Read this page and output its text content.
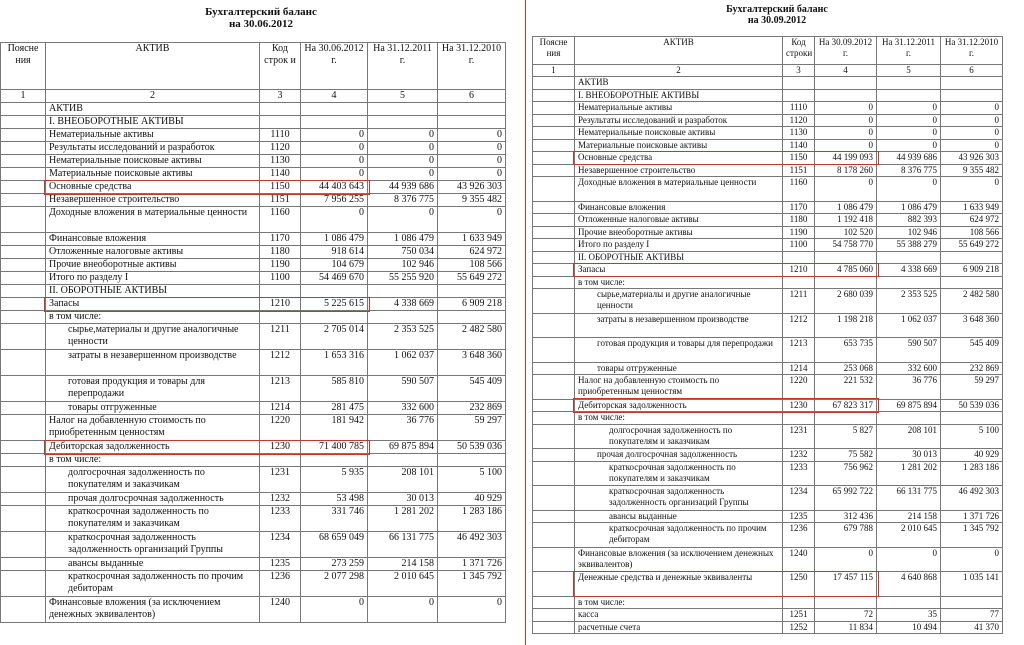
Бухгалтерский баланс
на 30.06.2012
Поясне ния	АКТИВ	Код строк и	На 30.06.2012 г.	На 31.12.2011 г.	На 31.12.2010 г.
1	2	3	4	5	6
	АКТИВ				
	I. ВНЕОБОРОТНЫЕ АКТИВЫ				
	Нематериальные активы	1110	0	0	0
	Результаты исследований и разработок	1120	0	0	0
	Нематериальные поисковые активы	1130	0	0	0
	Материальные поисковые активы	1140	0	0	0
	Основные средства	1150	44 403 643	44 939 686	43 926 303
	Незавершенное строительство	1151	7 956 255	8 376 775	9 355 482
	Доходные вложения в материальные ценности	1160	0	0	0
	Финансовые вложения	1170	1 086 479	1 086 479	1 633 949
	Отложенные налоговые активы	1180	918 614	750 034	624 972
	Прочие внеоборотные активы	1190	104 679	102 946	108 566
	Итого по разделу I	1100	54 469 670	55 255 920	55 649 272
	II. ОБОРОТНЫЕ АКТИВЫ				
	Запасы	1210	5 225 615	4 338 669	6 909 218
	в том числе:				
	сырье,материалы и другие аналогичные ценности	1211	2 705 014	2 353 525	2 482 580
	затраты в незавершенном производстве	1212	1 653 316	1 062 037	3 648 360
	готовая продукция и товары для перепродажи	1213	585 810	590 507	545 409
	товары отгруженные	1214	281 475	332 600	232 869
	Налог на добавленную стоимость по приобретенным ценностям	1220	181 942	36 776	59 297
	Дебиторская задолженность	1230	71 400 785	69 875 894	50 539 036
	в том числе:				
	долгосрочная задолженность по покупателям и заказчикам	1231	5 935	208 101	5 100
	прочая долгосрочная задолженность	1232	53 498	30 013	40 929
	краткосрочная задолженность по покупателям и заказчикам	1233	331 746	1 281 202	1 283 186
	краткосрочная задолженность задолженность организаций Группы	1234	68 659 049	66 131 775	46 492 303
	авансы выданные	1235	273 259	214 158	1 371 726
	краткосрочная задолженность по прочим дебиторам	1236	2 077 298	2 010 645	1 345 792
	Финансовые вложения (за исключением денежных эквивалентов)	1240	0	0	0
Бухгалтерский баланс
на 30.09.2012
Поясне ния	АКТИВ	Код строки	На 30.09.2012 г.	На 31.12.2011 г.	На 31.12.2010 г.
1	2	3	4	5	6
	АКТИВ				
	I. ВНЕОБОРОТНЫЕ АКТИВЫ				
	Нематериальные активы	1110	0	0	0
	Результаты исследований и разработок	1120	0	0	0
	Нематериальные поисковые активы	1130	0	0	0
	Материальные поисковые активы	1140	0	0	0
	Основные средства	1150	44 199 093	44 939 686	43 926 303
	Незавершенное строительство	1151	8 178 260	8 376 775	9 355 482
	Доходные вложения в материальные ценности	1160	0	0	0
	Финансовые вложения	1170	1 086 479	1 086 479	1 633 949
	Отложенные налоговые активы	1180	1 192 418	882 393	624 972
	Прочие внеоборотные активы	1190	102 520	102 946	108 566
	Итого по разделу I	1100	54 758 770	55 388 279	55 649 272
	II. ОБОРОТНЫЕ АКТИВЫ				
	Запасы	1210	4 785 060	4 338 669	6 909 218
	в том числе:				
	сырье,материалы и другие аналогичные ценности	1211	2 680 039	2 353 525	2 482 580
	затраты в незавершенном производстве	1212	1 198 218	1 062 037	3 648 360
	готовая продукция и товары для перепродажи	1213	653 735	590 507	545 409
	товары отгруженные	1214	253 068	332 600	232 869
	Налог на добавленную стоимость по приобретенным ценностям	1220	221 532	36 776	59 297
	Дебиторская задолженность	1230	67 823 317	69 875 894	50 539 036
	в том числе:				
	долгосрочная задолженность по покупателям и заказчикам	1231	5 827	208 101	5 100
	прочая долгосрочная задолженность	1232	75 582	30 013	40 929
	краткосрочная задолженность по покупателям и заказчикам	1233	756 962	1 281 202	1 283 186
	краткосрочная задолженность задолженность организаций Группы	1234	65 992 722	66 131 775	46 492 303
	авансы выданные	1235	312 436	214 158	1 371 726
	краткосрочная задолженность по прочим дебиторам	1236	679 788	2 010 645	1 345 792
	Финансовые вложения (за исключением денежных эквивалентов)	1240	0	0	0
	Денежные средства и денежные эквиваленты	1250	17 457 115	4 640 868	1 035 141
	в том числе:				
	касса	1251	72	35	77
	расчетные счета	1252	11 834	10 494	41 370
